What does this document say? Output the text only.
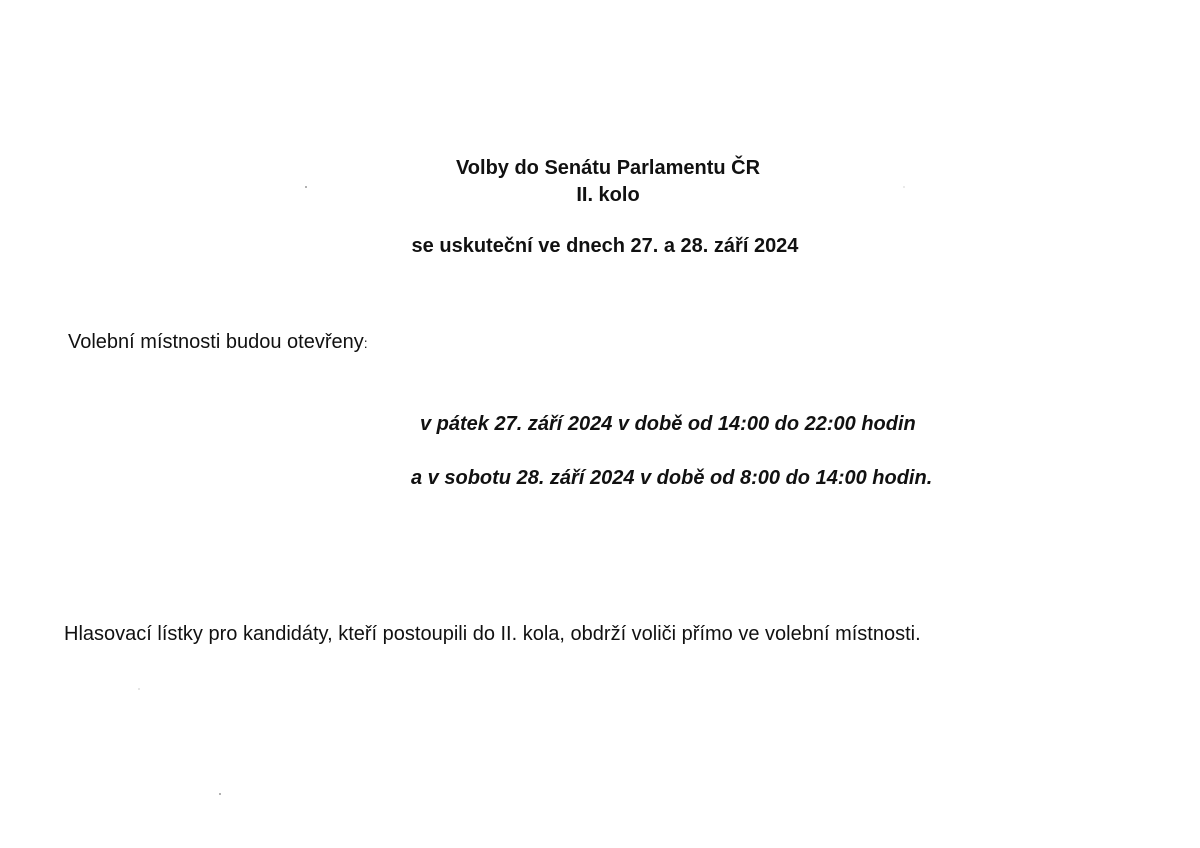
Volby do Senátu Parlamentu ČR
II. kolo
se uskuteční ve dnech 27. a 28. září 2024
Volební místnosti budou otevřeny:
v pátek 27. září 2024 v době od 14:00 do 22:00 hodin
a v sobotu 28. září 2024 v době od 8:00 do 14:00 hodin.
Hlasovací lístky pro kandidáty, kteří postoupili do II. kola, obdrží voliči přímo ve volební místnosti.
